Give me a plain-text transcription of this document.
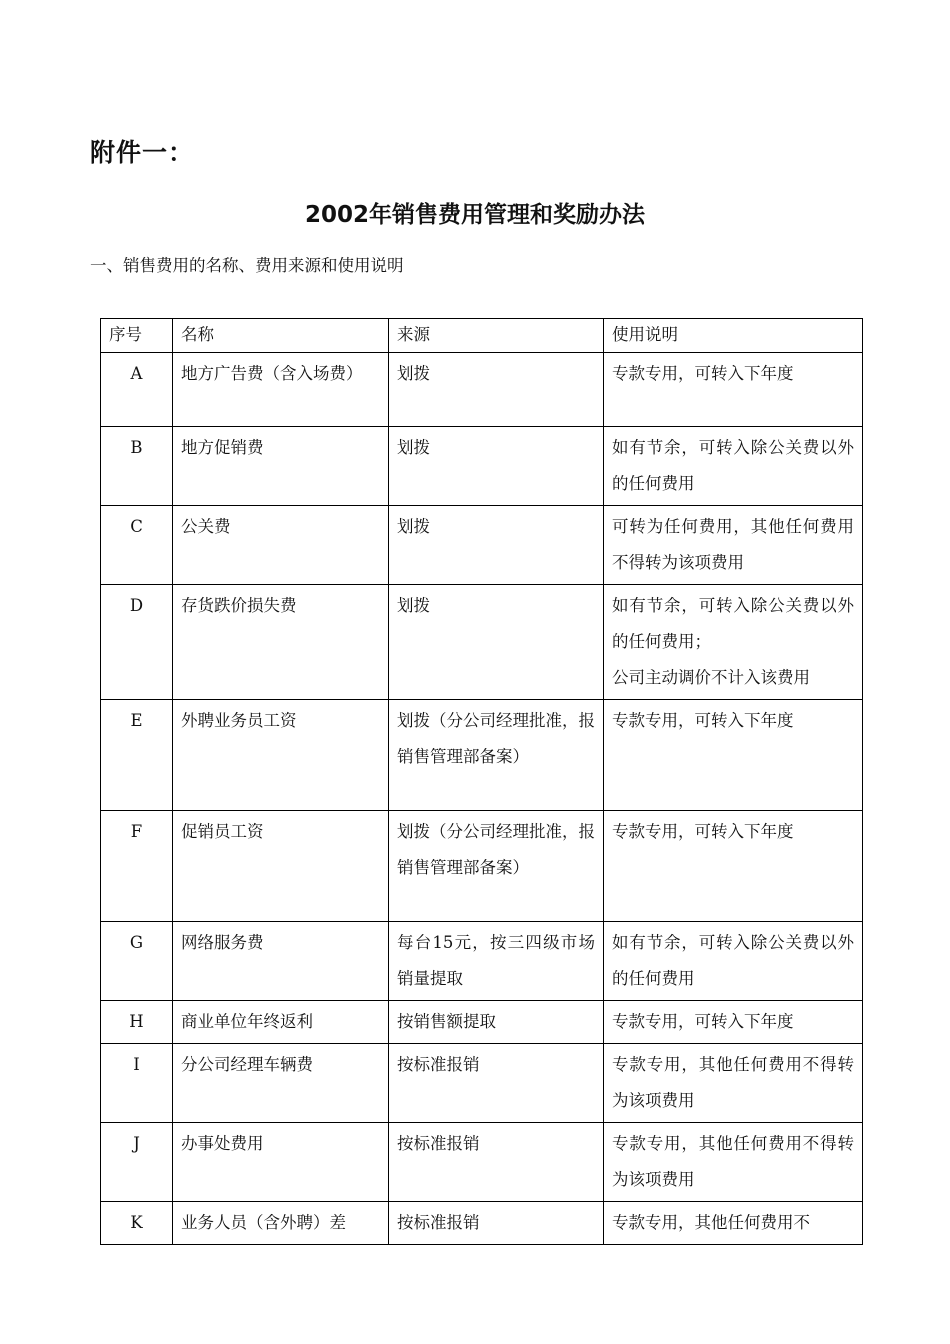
附件一：
2002年销售费用管理和奖励办法
一、销售费用的名称、费用来源和使用说明
序号	名称	来源	使用说明
A	地方广告费（含入场费）	划拨	专款专用，可转入下年度
B	地方促销费	划拨	如有节余，可转入除公关费以外的任何费用
C	公关费	划拨	可转为任何费用，其他任何费用不得转为该项费用
D	存货跌价损失费	划拨	如有节余，可转入除公关费以外的任何费用；
公司主动调价不计入该费用

E	外聘业务员工资	划拨（分公司经理批准，报销售管理部备案）	专款专用，可转入下年度
F	促销员工资	划拨（分公司经理批准，报销售管理部备案）	专款专用，可转入下年度
G	网络服务费	每台15元，按三四级市场销量提取	如有节余，可转入除公关费以外的任何费用
H	商业单位年终返利	按销售额提取	专款专用，可转入下年度
I	分公司经理车辆费	按标准报销	专款专用，其他任何费用不得转为该项费用
J	办事处费用	按标准报销	专款专用，其他任何费用不得转为该项费用
K	业务人员（含外聘）差	按标准报销	专款专用，其他任何费用不
